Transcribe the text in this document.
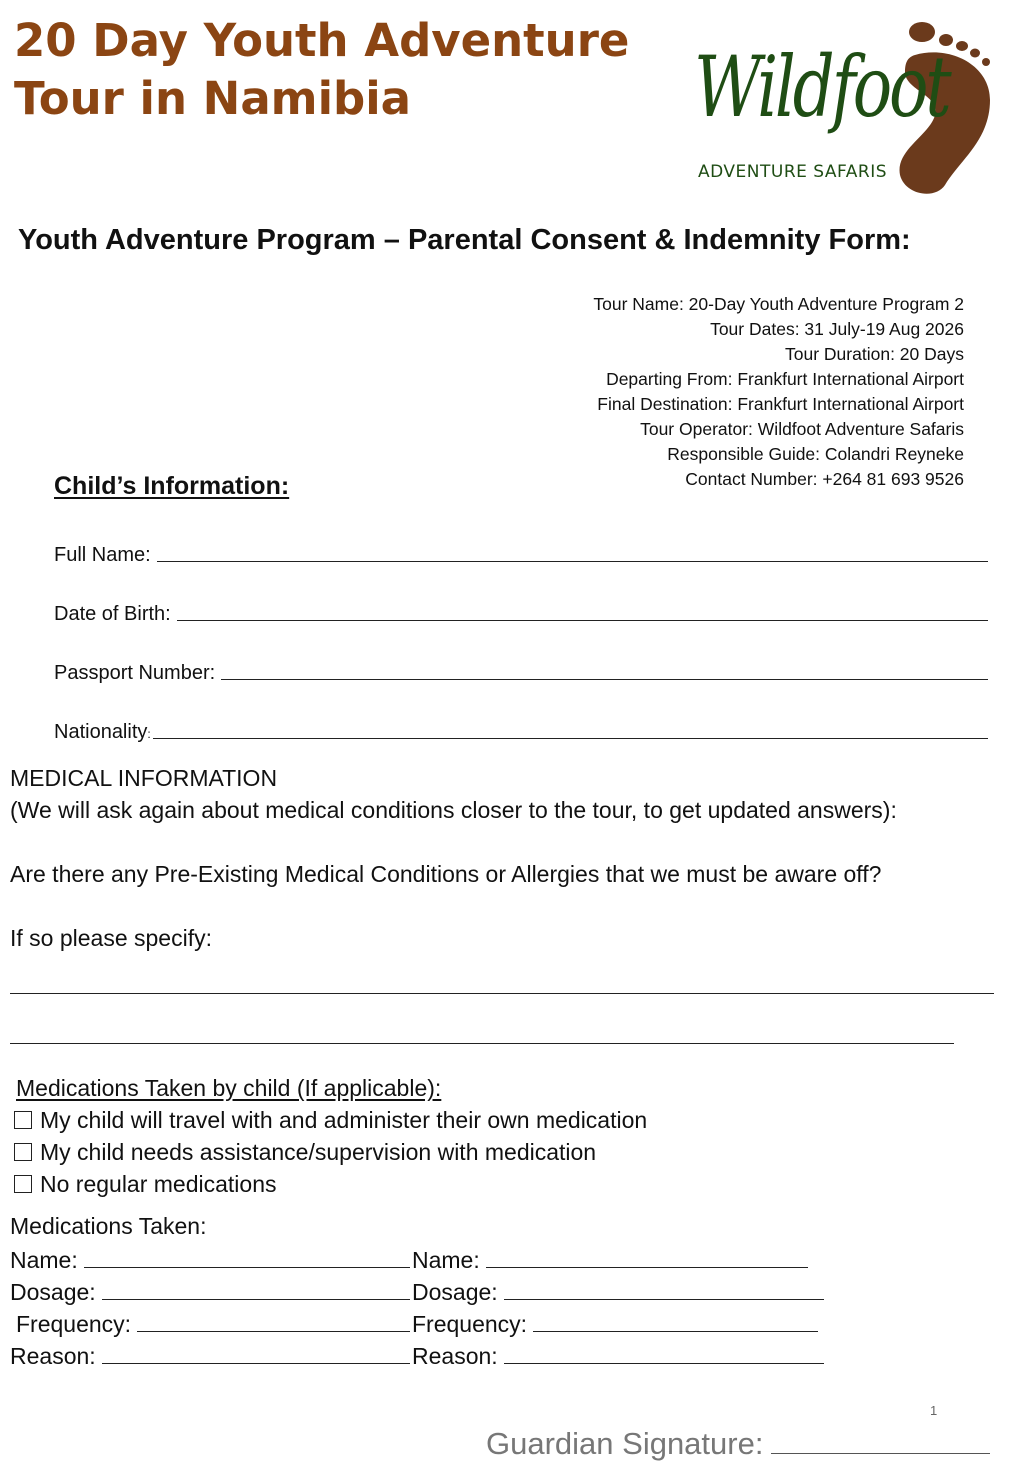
20 Day Youth Adventure
Tour in Namibia	Wildfoot
ADVENTURE SAFARIS
Youth Adventure Program – Parental Consent & Indemnity Form:
Tour Name: 20-Day Youth Adventure Program 2
Tour Dates: 31 July-19 Aug 2026
Tour Duration: 20 Days
Departing From: Frankfurt International Airport
Final Destination: Frankfurt International Airport
Tour Operator: Wildfoot Adventure Safaris
Responsible Guide: Colandri Reyneke
Contact Number: +264 81 693 9526
Child’s Information:
Full Name:
Date of Birth:
Passport Number:
Nationality:
MEDICAL INFORMATION
(We will ask again about medical conditions closer to the tour, to get updated answers):
Are there any Pre-Existing Medical Conditions or Allergies that we must be aware off?
If so please specify:
Medications Taken by child (If applicable):
My child will travel with and administer their own medication
My child needs assistance/supervision with medication
No regular medications
Medications Taken:
Name:	Name:
Dosage:	Dosage:
Frequency:	Frequency:
Reason:	Reason:
1
Guardian Signature:
